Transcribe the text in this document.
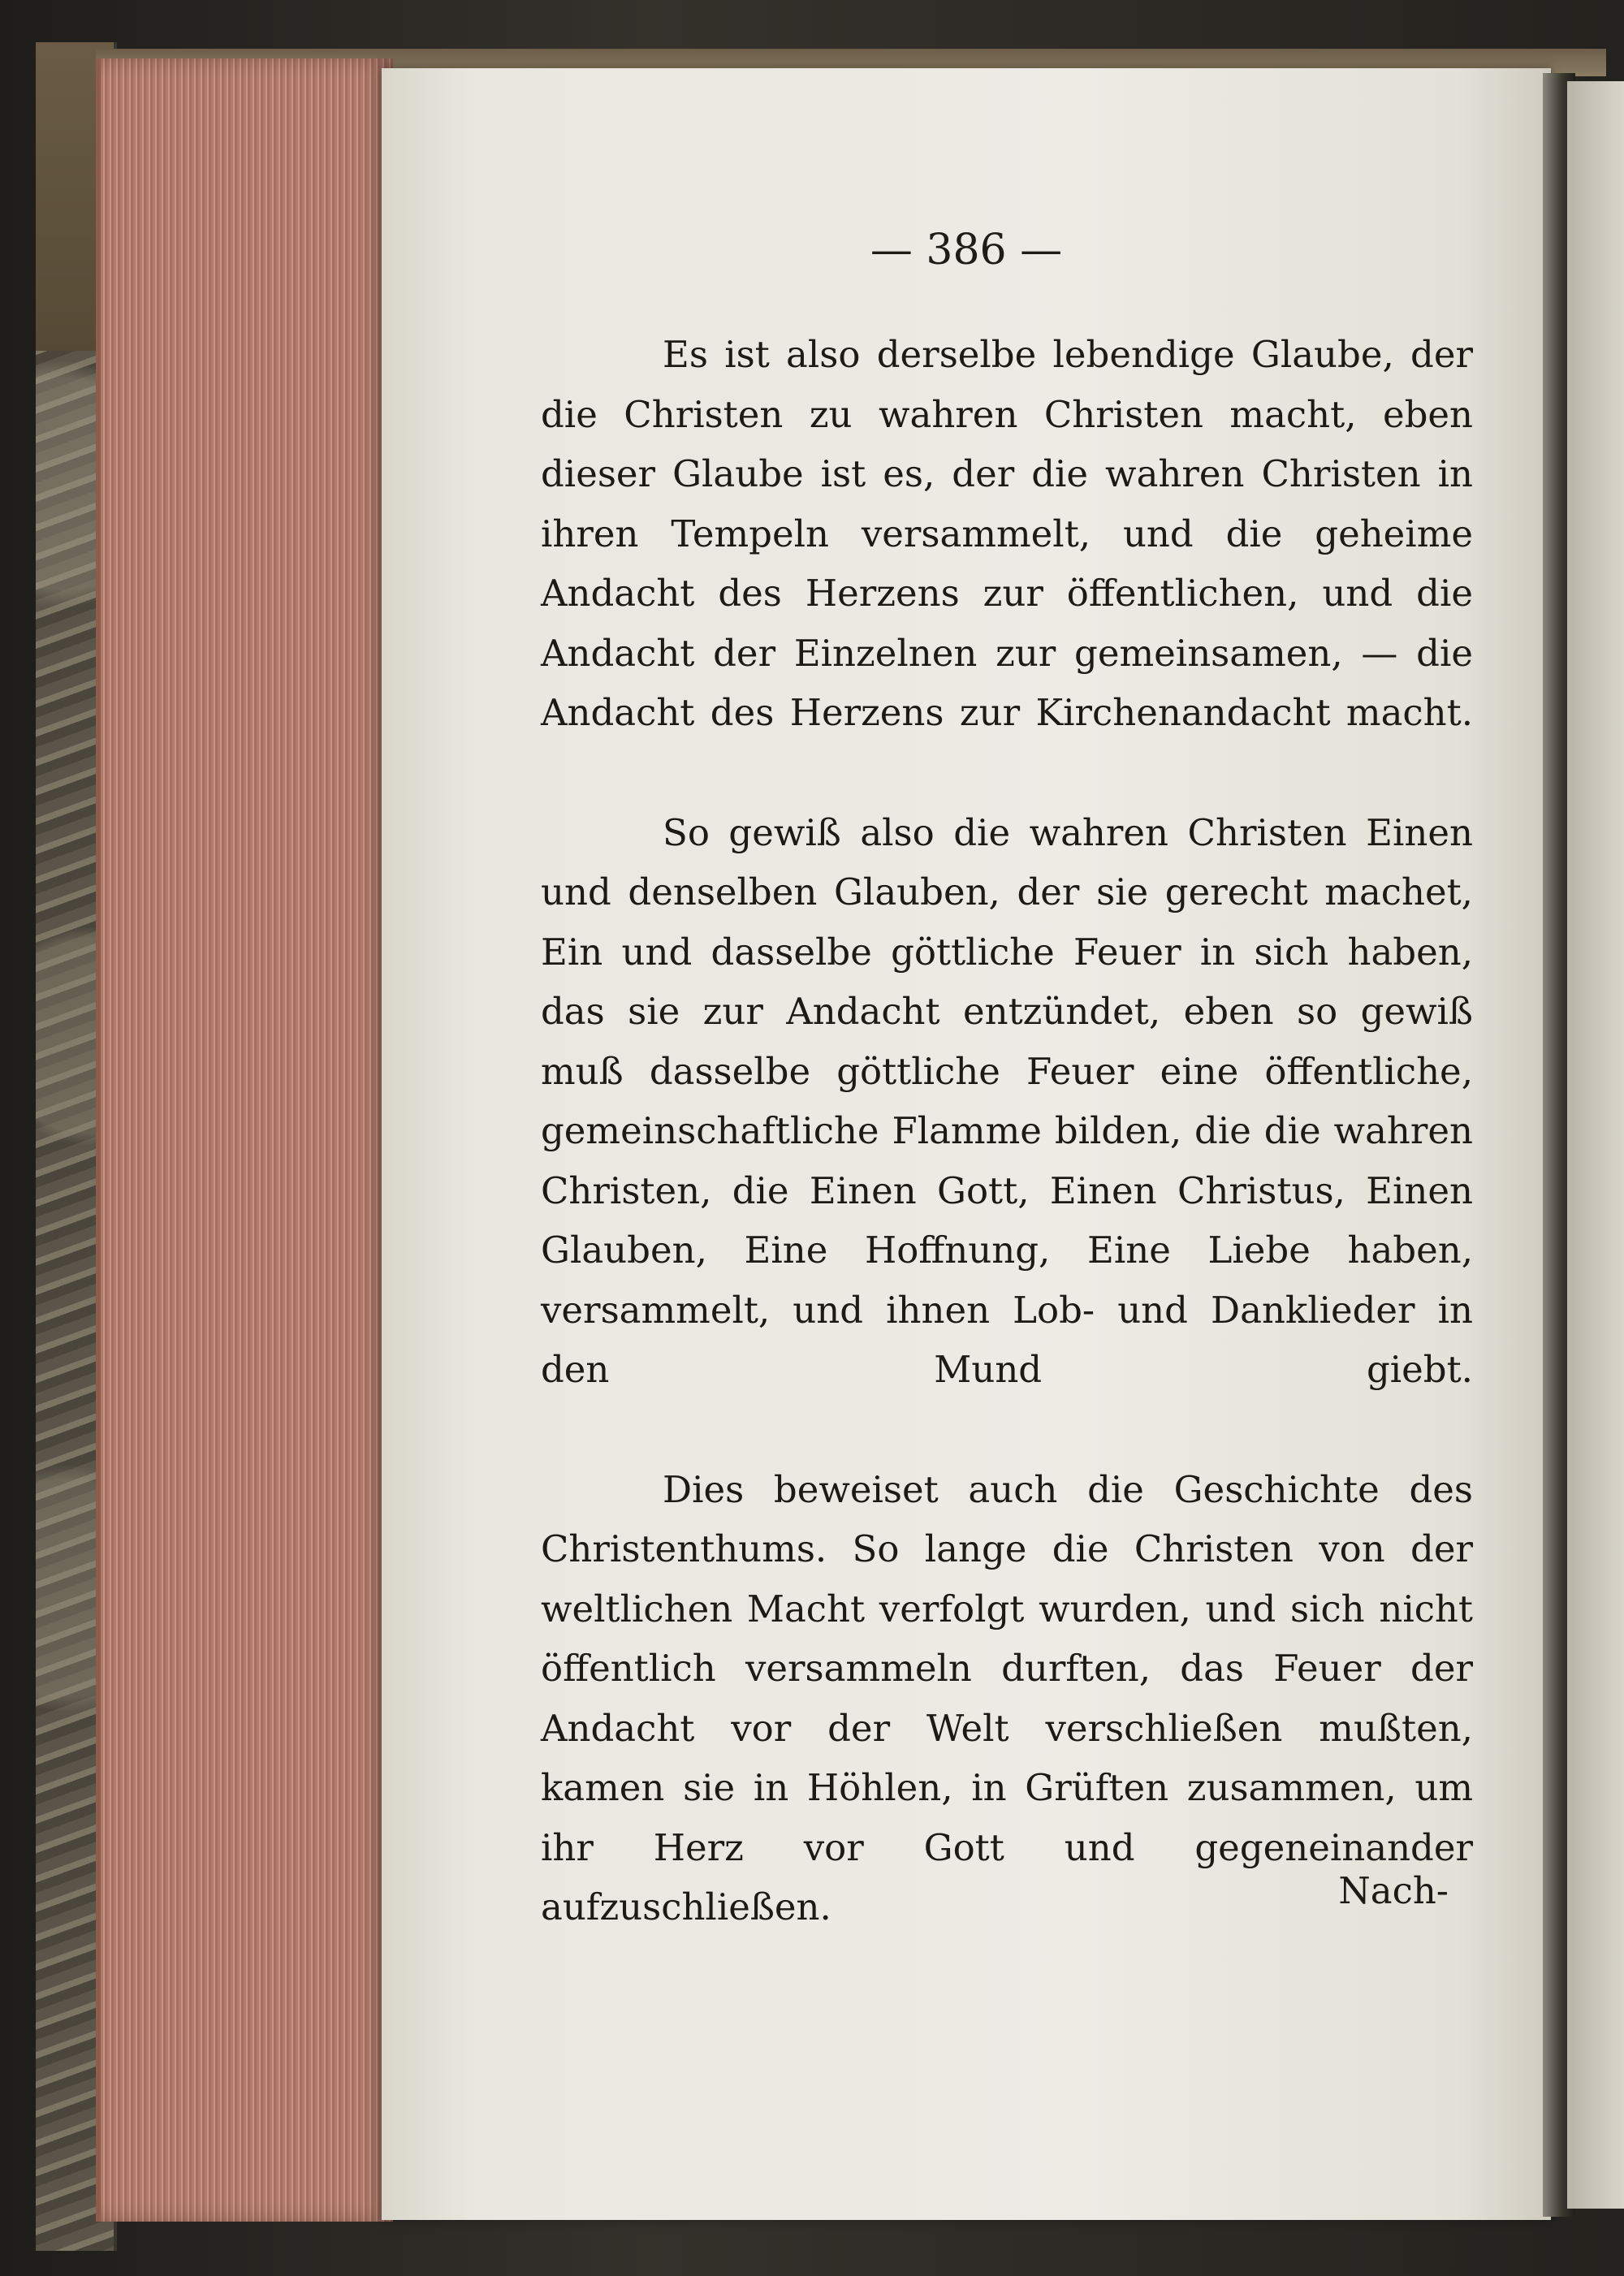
— 386 —

Es ist also derselbe lebendige Glaube, der die Christen zu wahren Christen macht, eben dieser Glaube ist es, der die wahren Christen in ihren Tempeln versammelt, und die geheime Andacht des Herzens zur öffentlichen, und die Andacht der Einzelnen zur gemeinsamen, — die Andacht des Herzens zur Kirchenandacht macht.

So gewiß also die wahren Christen Einen und denselben Glauben, der sie gerecht machet, Ein und dasselbe göttliche Feuer in sich haben, das sie zur Andacht entzündet, eben so gewiß muß dasselbe göttliche Feuer eine öffentliche, gemeinschaftliche Flamme bilden, die die wahren Christen, die Einen Gott, Einen Christus, Einen Glauben, Eine Hoffnung, Eine Liebe haben, versammelt, und ihnen Lob- und Danklieder in den Mund giebt.

Dies beweiset auch die Geschichte des Christenthums. So lange die Christen von der weltlichen Macht verfolgt wurden, und sich nicht öffentlich versammeln durften, das Feuer der Andacht vor der Welt verschließen mußten, kamen sie in Höhlen, in Grüften zusammen, um ihr Herz vor Gott und gegeneinander aufzuschließen.	Nach-
